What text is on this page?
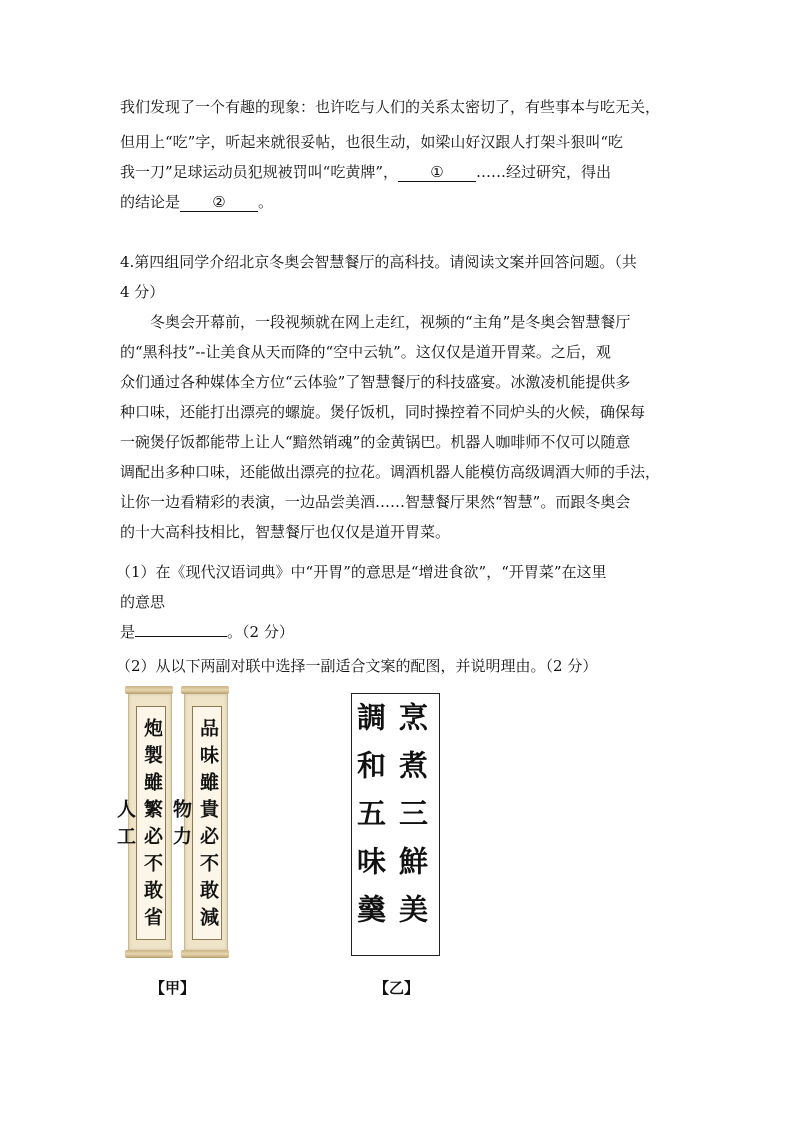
我们发现了一个有趣的现象：也许吃与人们的关系太密切了，有些事本与吃无关，

但用上“吃”字，听起来就很妥帖，也很生动，如梁山好汉跟人打架斗狠叫“吃

我一刀”足球运动员犯规被罚叫“吃黄牌”， ① ……经过研究，得出

的结论是 ② 。

4.第四组同学介绍北京冬奥会智慧餐厅的高科技。请阅读文案并回答问题。（共

4 分）

冬奥会开幕前，一段视频就在网上走红，视频的“主角”是冬奥会智慧餐厅

的“黑科技”--让美食从天而降的“空中云轨”。这仅仅是道开胃菜。之后，观

众们通过各种媒体全方位“云体验”了智慧餐厅的科技盛宴。冰激凌机能提供多

种口味，还能打出漂亮的螺旋。煲仔饭机，同时操控着不同炉头的火候，确保每

一碗煲仔饭都能带上让人“黯然销魂”的金黄锅巴。机器人咖啡师不仅可以随意

调配出多种口味，还能做出漂亮的拉花。调酒机器人能模仿高级调酒大师的手法，

让你一边看精彩的表演，一边品尝美酒……智慧餐厅果然“智慧”。而跟冬奥会

的十大高科技相比，智慧餐厅也仅仅是道开胃菜。

（1）在《现代汉语词典》中“开胃”的意思是“增进食欲”，“开胃菜”在这里

的意思

是	。（2 分）

（2）从以下两副对联中选择一副适合文案的配图，并说明理由。（2 分）

炮製雖繁必不敢省人工	品味雖貴必不敢減物力
【甲】
調和五味羹 烹煮三鮮美
【乙】
